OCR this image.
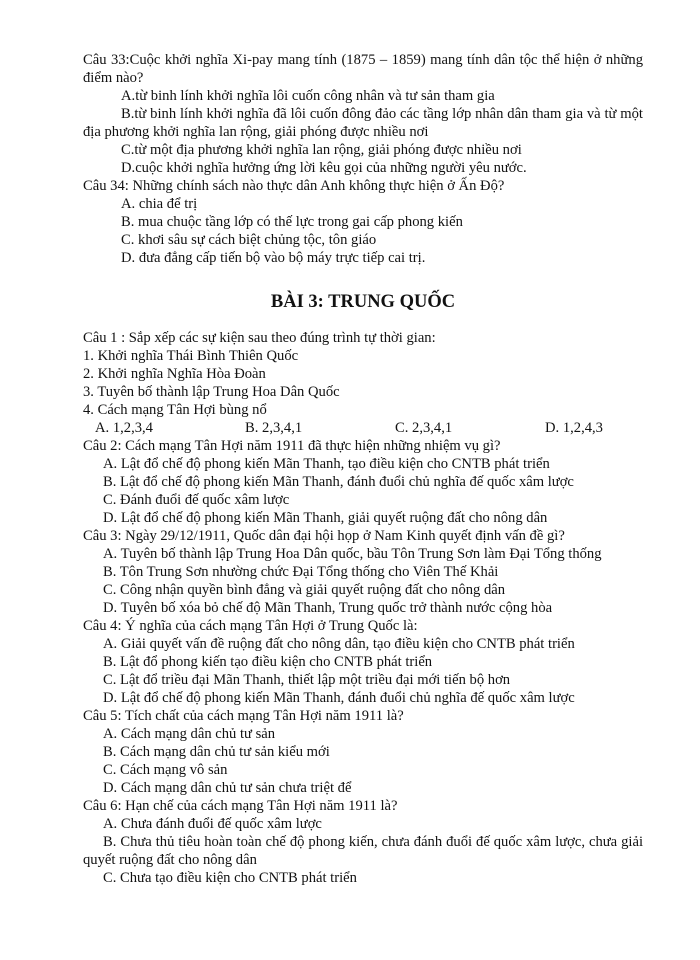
Câu 33:Cuộc khởi nghĩa Xi-pay mang tính (1875 – 1859) mang tính dân tộc thể hiện ở những điểm nào?
A.từ binh lính khởi nghĩa lôi cuốn công nhân và tư sản tham gia
B.từ binh lính khởi nghĩa đã lôi cuốn đông đảo các tầng lớp nhân dân tham gia và từ một địa phương khởi nghĩa lan rộng, giải phóng được nhiều nơi
C.từ một địa phương khởi nghĩa lan rộng, giải phóng được nhiều nơi
D.cuộc khởi nghĩa hưởng ứng lời kêu gọi của những người yêu nước.
Câu 34: Những chính sách nào thực dân Anh không thực hiện ở Ấn Độ?
A. chia để trị
B. mua chuộc tầng lớp có thế lực trong gai cấp phong kiến
C. khơi sâu sự cách biệt chủng tộc, tôn giáo
D. đưa đẳng cấp tiến bộ vào bộ máy trực tiếp cai trị.
BÀI 3: TRUNG QUỐC
Câu 1 : Sắp xếp các sự kiện sau theo đúng trình tự thời gian:
1. Khởi nghĩa Thái Bình Thiên Quốc
2. Khởi nghĩa Nghĩa Hòa Đoàn
3. Tuyên bố thành lập Trung Hoa Dân Quốc
4. Cách mạng Tân Hợi bùng nổ
A. 1,2,3,4	B. 2,3,4,1	C. 2,3,4,1	D. 1,2,4,3
Câu 2: Cách mạng Tân Hợi năm 1911 đã thực hiện những nhiệm vụ gì?
A. Lật đổ chế độ phong kiến Mãn Thanh, tạo điều kiện cho CNTB phát triển
B. Lật đổ chế độ phong kiến Mãn Thanh, đánh đuổi chủ nghĩa đế quốc xâm lược
C. Đánh đuổi đế quốc xâm lược
D. Lật đổ chế độ phong kiến Mãn Thanh, giải quyết ruộng đất cho nông dân
Câu 3: Ngày 29/12/1911, Quốc dân đại hội họp ở Nam Kinh quyết định vấn đề gì?
A. Tuyên bố thành lập Trung Hoa Dân quốc, bầu Tôn Trung Sơn làm Đại Tổng thống
B. Tôn Trung Sơn nhường chức Đại Tổng thống cho Viên Thế Khải
C. Công nhận quyền bình đẳng và giải quyết ruộng đất cho nông dân
D. Tuyên bố xóa bỏ chế độ Mãn Thanh, Trung quốc trở thành nước cộng hòa
Câu 4: Ý nghĩa của cách mạng Tân Hợi ở Trung Quốc là:
A. Giải quyết vấn đề ruộng đất cho nông dân, tạo điều kiện cho CNTB phát triển
B. Lật đổ phong kiến tạo điều kiện cho CNTB phát triển
C. Lật đổ triều đại Mãn Thanh, thiết lập một triều đại mới tiến bộ hơn
D. Lật đổ chế độ phong kiến Mãn Thanh, đánh đuổi chủ nghĩa đế quốc xâm lược
Câu 5: Tích chất của cách mạng Tân Hợi năm 1911 là?
A. Cách mạng dân chủ tư sản
B. Cách mạng dân chủ tư sản kiểu mới
C. Cách mạng vô sản
D. Cách mạng dân chủ tư sản chưa triệt để
Câu 6: Hạn chế của cách mạng Tân Hợi năm 1911 là?
A. Chưa đánh đuổi đế quốc xâm lược
B. Chưa thủ tiêu hoàn toàn chế độ phong kiến, chưa đánh đuổi đế quốc xâm lược, chưa giải quyết ruộng đất cho nông dân
C. Chưa tạo điều kiện cho CNTB phát triển
